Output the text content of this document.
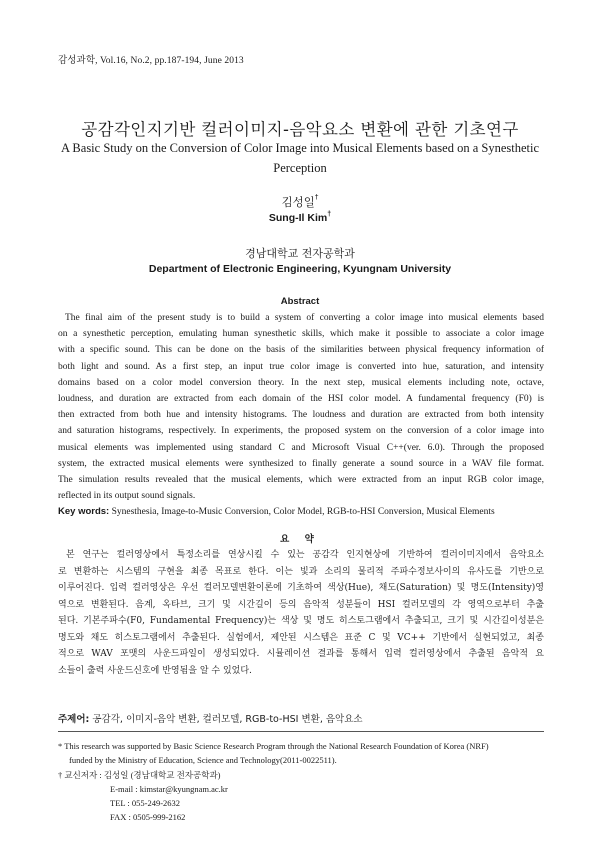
감성과학, Vol.16, No.2, pp.187-194, June 2013
공감각인지기반 컬러이미지-음악요소 변환에 관한 기초연구
A Basic Study on the Conversion of Color Image into Musical Elements based on a Synesthetic
Perception
김성일†
Sung-Il Kim†
경남대학교 전자공학과
Department of Electronic Engineering, Kyungnam University
Abstract
The final aim of the present study is to build a system of converting a color image into musical elements based
on a synesthetic perception, emulating human synesthetic skills, which make it possible to associate a color image
with a specific sound. This can be done on the basis of the similarities between physical frequency information of
both light and sound. As a first step, an input true color image is converted into hue, saturation, and intensity
domains based on a color model conversion theory. In the next step, musical elements including note, octave,
loudness, and duration are extracted from each domain of the HSI color model. A fundamental frequency (F0) is
then extracted from both hue and intensity histograms. The loudness and duration are extracted from both intensity
and saturation histograms, respectively. In experiments, the proposed system on the conversion of a color image into
musical elements was implemented using standard C and Microsoft Visual C++(ver. 6.0). Through the proposed
system, the extracted musical elements were synthesized to finally generate a sound source in a WAV file format.
The simulation results revealed that the musical elements, which were extracted from an input RGB color image,
reflected in its output sound signals.
Key words: Synesthesia, Image-to-Music Conversion, Color Model, RGB-to-HSI Conversion, Musical Elements
요 약
본 연구는 컬러영상에서 특정소리를 연상시킬 수 있는 공감각 인지현상에 기반하여 컬러이미지에서 음악요소
로 변환하는 시스템의 구현을 최종 목표로 한다. 이는 빛과 소리의 물리적 주파수정보사이의 유사도를 기반으로
이루어진다. 입력 컬러영상은 우선 컬러모델변환이론에 기초하여 색상(Hue), 채도(Saturation) 및 명도(Intensity)영
역으로 변환된다. 음계, 옥타브, 크기 및 시간길이 등의 음악적 성분들이 HSI 컬러모델의 각 영역으로부터 추출
된다. 기본주파수(F0, Fundamental Frequency)는 색상 및 명도 히스토그램에서 추출되고, 크기 및 시간길이성분은
명도와 채도 히스토그램에서 추출된다. 실험에서, 제안된 시스템은 표준 C 및 VC++ 기반에서 실현되었고, 최종
적으로 WAV 포맷의 사운드파일이 생성되었다. 시뮬레이션 결과를 통해서 입력 컬러영상에서 추출된 음악적 요
소들이 출력 사운드신호에 반영됨을 알 수 있었다.
주제어: 공감각, 이미지-음악 변환, 컬러모델, RGB-to-HSI 변환, 음악요소
* This research was supported by Basic Science Research Program through the National Research Foundation of Korea (NRF)
funded by the Ministry of Education, Science and Technology(2011-0022511).
† 교신저자 : 김성일 (경남대학교 전자공학과)
E-mail : kimstar@kyungnam.ac.kr
TEL : 055-249-2632
FAX : 0505-999-2162
